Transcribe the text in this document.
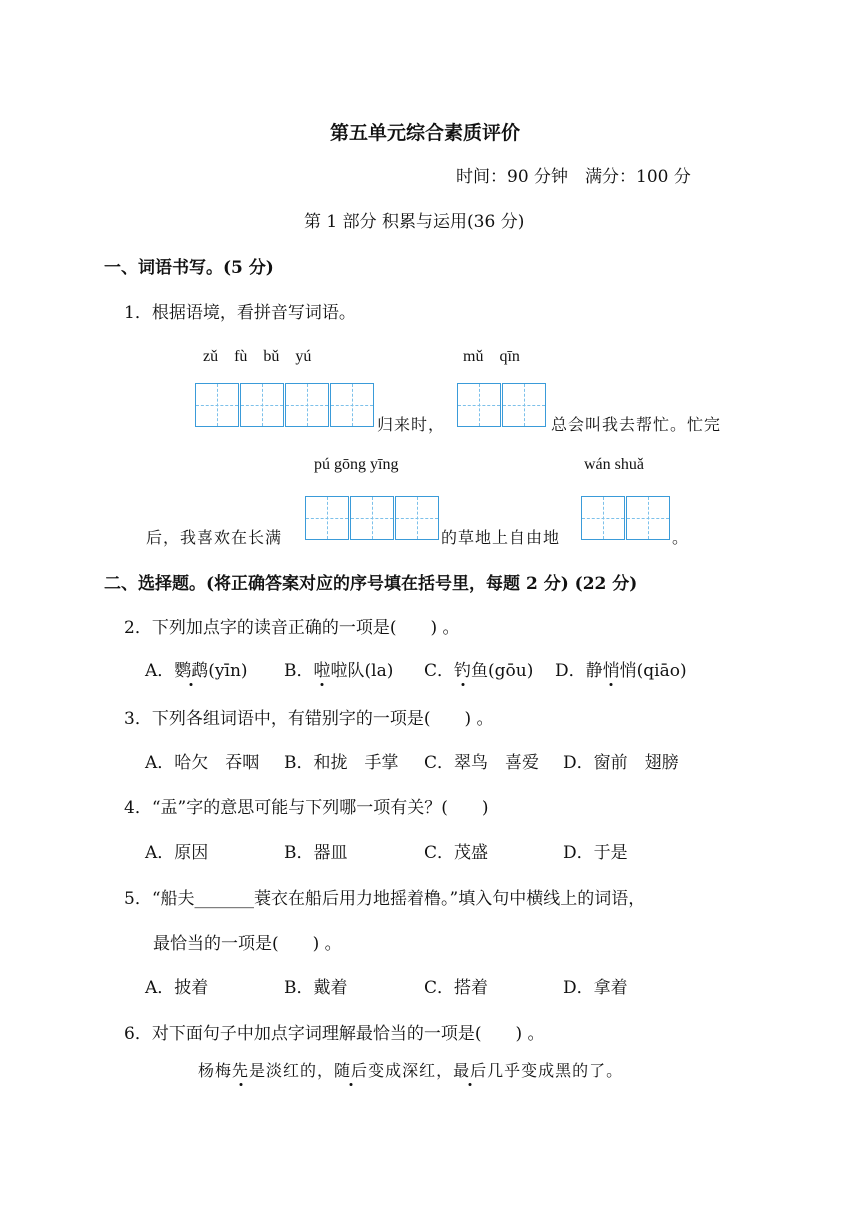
第五单元综合素质评价
时间：90 分钟　满分：100 分
第 1 部分 积累与运用(36 分)
一、词语书写。(5 分)
1．根据语境，看拼音写词语。
zǔ　fù　bǔ　yú	mǔ　qīn
归来时，	总会叫我去帮忙。忙完
pú gōng yīng	wán shuǎ
后，我喜欢在长满	的草地上自由地	。
二、选择题。(将正确答案对应的序号填在括号里，每题 2 分) (22 分)
2．下列加点字的读音正确的一项是(　　) 。
A．鹦鹉(yīn) B．啦啦队(la) C．钓鱼(gōu) D．静悄悄(qiāo)
3．下列各组词语中，有错别字的一项是(　　) 。
A．哈欠　吞咽 B．和拢　手掌 C．翠鸟　喜爱 D．窗前　翅膀
4．“盂”字的意思可能与下列哪一项有关？(　　)
A．原因	B．器皿	C．茂盛	D．于是
5．“船夫_______蓑衣在船后用力地摇着橹。”填入句中横线上的词语，
最恰当的一项是(　　) 。
A．披着	B．戴着	C．搭着	D．拿着
6．对下面句子中加点字词理解最恰当的一项是(　　) 。
杨梅先是淡红的，随后变成深红，最后几乎变成黑的了。
